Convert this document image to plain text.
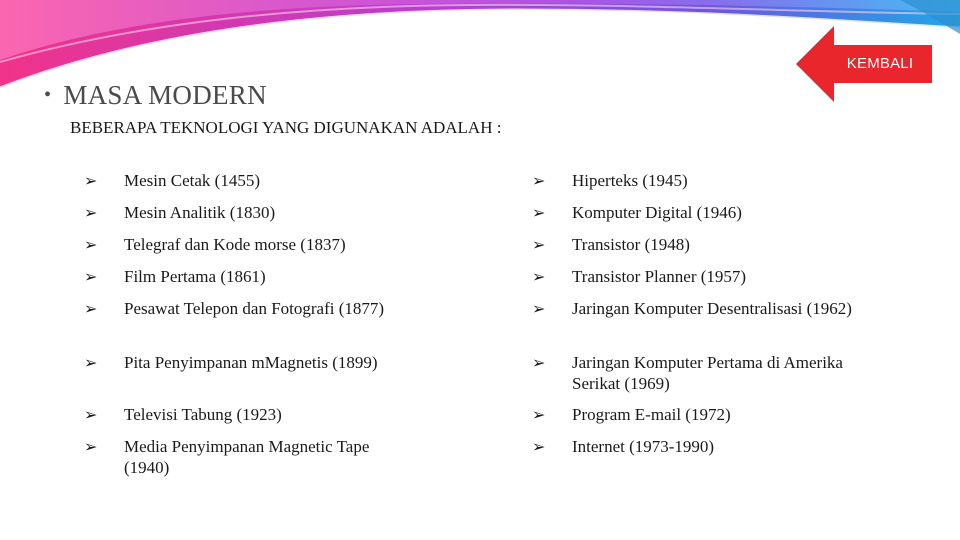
KEMBALI
• MASA MODERN
BEBERAPA TEKNOLOGI YANG DIGUNAKAN ADALAH :
➢	Mesin Cetak (1455)
➢	Mesin Analitik (1830)
➢	Telegraf dan Kode morse (1837)
➢	Film Pertama (1861)
➢	Pesawat Telepon dan Fotografi (1877)
➢	Pita Penyimpanan mMagnetis (1899)
➢	Televisi Tabung (1923)
➢	Media Penyimpanan Magnetic Tape (1940)
➢	Hiperteks (1945)
➢	Komputer Digital (1946)
➢	Transistor (1948)
➢	Transistor Planner (1957)
➢	Jaringan Komputer Desentralisasi (1962)
➢	Jaringan Komputer Pertama di Amerika Serikat (1969)
➢	Program E-mail (1972)
➢	Internet (1973-1990)
